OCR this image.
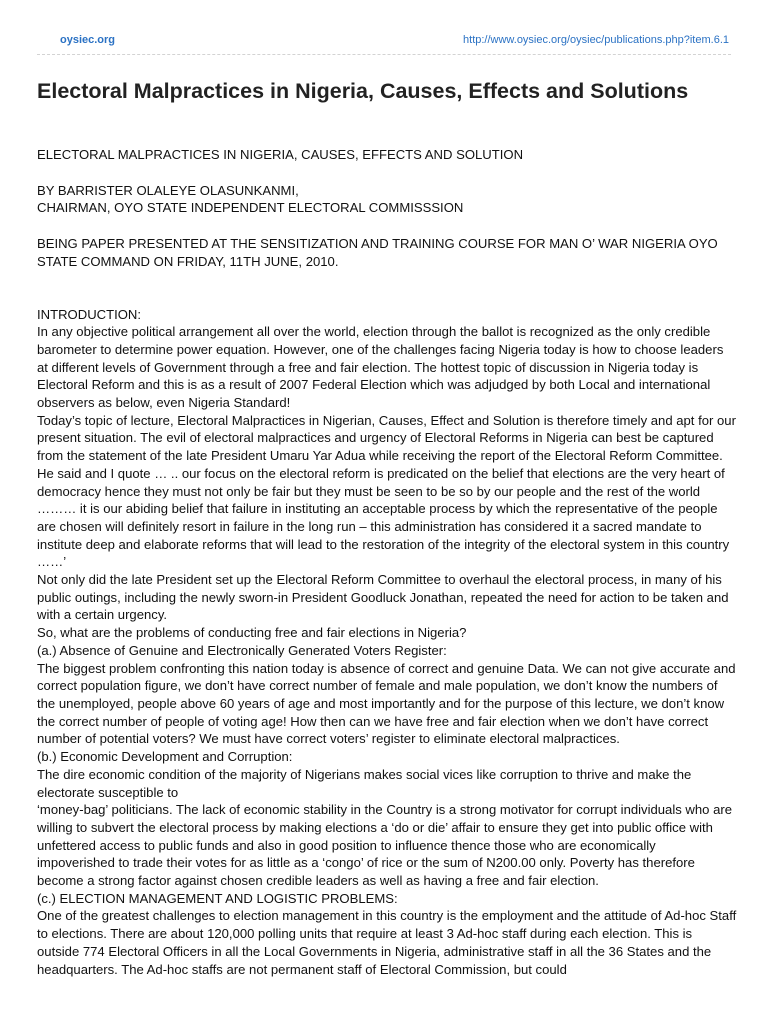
oysiec.org	http://www.oysiec.org/oysiec/publications.php?item.6.1
Electoral Malpractices in Nigeria, Causes, Effects and Solutions

ELECTORAL MALPRACTICES IN NIGERIA, CAUSES, EFFECTS AND SOLUTION

BY BARRISTER OLALEYE OLASUNKANMI,

CHAIRMAN, OYO STATE INDEPENDENT ELECTORAL COMMISSSION

BEING PAPER PRESENTED AT THE SENSITIZATION AND TRAINING COURSE FOR MAN O’ WAR NIGERIA OYO STATE COMMAND ON FRIDAY, 11TH JUNE, 2010.

INTRODUCTION:

In any objective political arrangement all over the world, election through the ballot is recognized as the only credible barometer to determine power equation. However, one of the challenges facing Nigeria today is how to choose leaders at different levels of Government through a free and fair election. The hottest topic of discussion in Nigeria today is Electoral Reform and this is as a result of 2007 Federal Election which was adjudged by both Local and international observers as below, even Nigeria Standard!

Today’s topic of lecture, Electoral Malpractices in Nigerian, Causes, Effect and Solution is therefore timely and apt for our present situation. The evil of electoral malpractices and urgency of Electoral Reforms in Nigeria can best be captured from the statement of the late President Umaru Yar Adua while receiving the report of the Electoral Reform Committee. He said and I quote … .. our focus on the electoral reform is predicated on the belief that elections are the very heart of democracy hence they must not only be fair but they must be seen to be so by our people and the rest of the world ……… it is our abiding belief that failure in instituting an acceptable process by which the representative of the people are chosen will definitely resort in failure in the long run – this administration has considered it a sacred mandate to institute deep and elaborate reforms that will lead to the restoration of the integrity of the electoral system in this country ……’

Not only did the late President set up the Electoral Reform Committee to overhaul the electoral process, in many of his public outings, including the newly sworn-in President Goodluck Jonathan, repeated the need for action to be taken and with a certain urgency.

So, what are the problems of conducting free and fair elections in Nigeria?

(a.) Absence of Genuine and Electronically Generated Voters Register:

The biggest problem confronting this nation today is absence of correct and genuine Data. We can not give accurate and correct population figure, we don’t have correct number of female and male population, we don’t know the numbers of the unemployed, people above 60 years of age and most importantly and for the purpose of this lecture, we don’t know the correct number of people of voting age! How then can we have free and fair election when we don’t have correct number of potential voters? We must have correct voters’ register to eliminate electoral malpractices.

(b.) Economic Development and Corruption:

The dire economic condition of the majority of Nigerians makes social vices like corruption to thrive and make the electorate susceptible to

‘money-bag’ politicians. The lack of economic stability in the Country is a strong motivator for corrupt individuals who are willing to subvert the electoral process by making elections a ‘do or die’ affair to ensure they get into public office with unfettered access to public funds and also in good position to influence thence those who are economically impoverished to trade their votes for as little as a ‘congo’ of rice or the sum of N200.00 only. Poverty has therefore become a strong factor against chosen credible leaders as well as having a free and fair election.

(c.) ELECTION MANAGEMENT AND LOGISTIC PROBLEMS:

One of the greatest challenges to election management in this country is the employment and the attitude of Ad-hoc Staff to elections. There are about 120,000 polling units that require at least 3 Ad-hoc staff during each election. This is outside 774 Electoral Officers in all the Local Governments in Nigeria, administrative staff in all the 36 States and the headquarters. The Ad-hoc staffs are not permanent staff of Electoral Commission, but could
